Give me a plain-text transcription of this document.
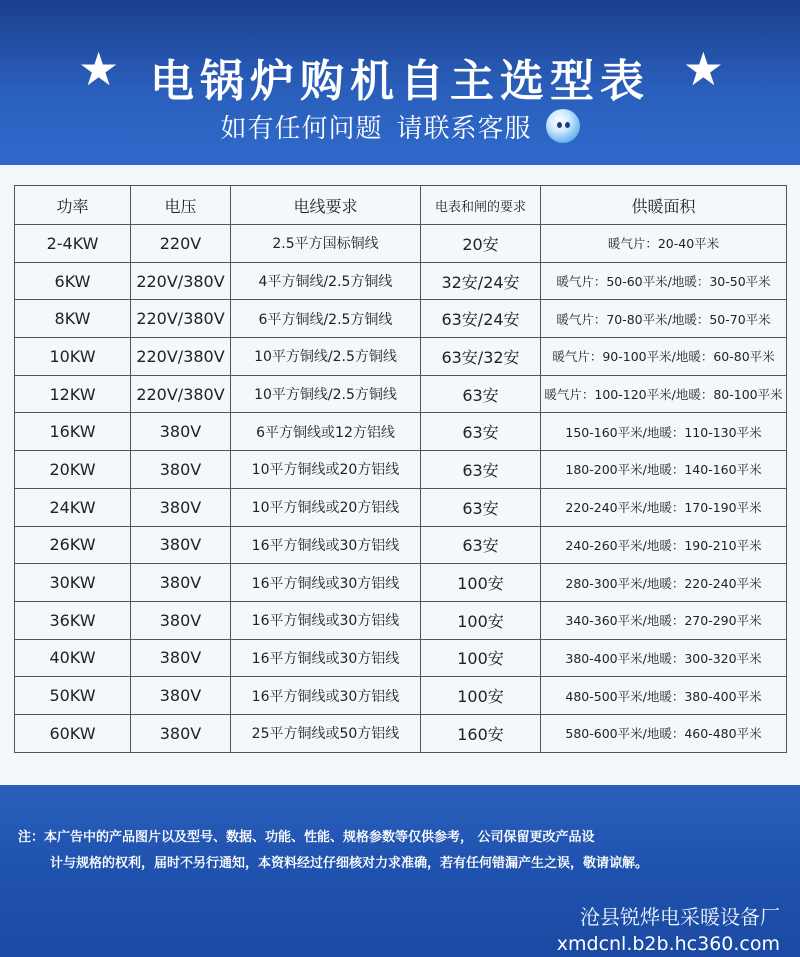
★ 电锅炉购机自主选型表 ★
如有任何问题 请联系客服
功率	电压	电线要求	电表和闸的要求	供暖面积
2-4KW	220V	2.5平方国标铜线	20安	暖气片：20-40平米
6KW	220V/380V	4平方铜线/2.5方铜线	32安/24安	暖气片：50-60平米/地暖：30-50平米
8KW	220V/380V	6平方铜线/2.5方铜线	63安/24安	暖气片：70-80平米/地暖：50-70平米
10KW	220V/380V	10平方铜线/2.5方铜线	63安/32安	暖气片：90-100平米/地暖：60-80平米
12KW	220V/380V	10平方铜线/2.5方铜线	63安	暖气片：100-120平米/地暖：80-100平米
16KW	380V	6平方铜线或12方铝线	63安	150-160平米/地暖：110-130平米
20KW	380V	10平方铜线或20方铝线	63安	180-200平米/地暖：140-160平米
24KW	380V	10平方铜线或20方铝线	63安	220-240平米/地暖：170-190平米
26KW	380V	16平方铜线或30方铝线	63安	240-260平米/地暖：190-210平米
30KW	380V	16平方铜线或30方铝线	100安	280-300平米/地暖：220-240平米
36KW	380V	16平方铜线或30方铝线	100安	340-360平米/地暖：270-290平米
40KW	380V	16平方铜线或30方铝线	100安	380-400平米/地暖：300-320平米
50KW	380V	16平方铜线或30方铝线	100安	480-500平米/地暖：380-400平米
60KW	380V	25平方铜线或50方铝线	160安	580-600平米/地暖：460-480平米
注：本广告中的产品图片以及型号、数据、功能、性能、规格参数等仅供参考， 公司保留更改产品设
计与规格的权利，届时不另行通知，本资料经过仔细核对力求准确，若有任何错漏产生之误，敬请谅解。
沧县锐烨电采暖设备厂
xmdcnl.b2b.hc360.com
